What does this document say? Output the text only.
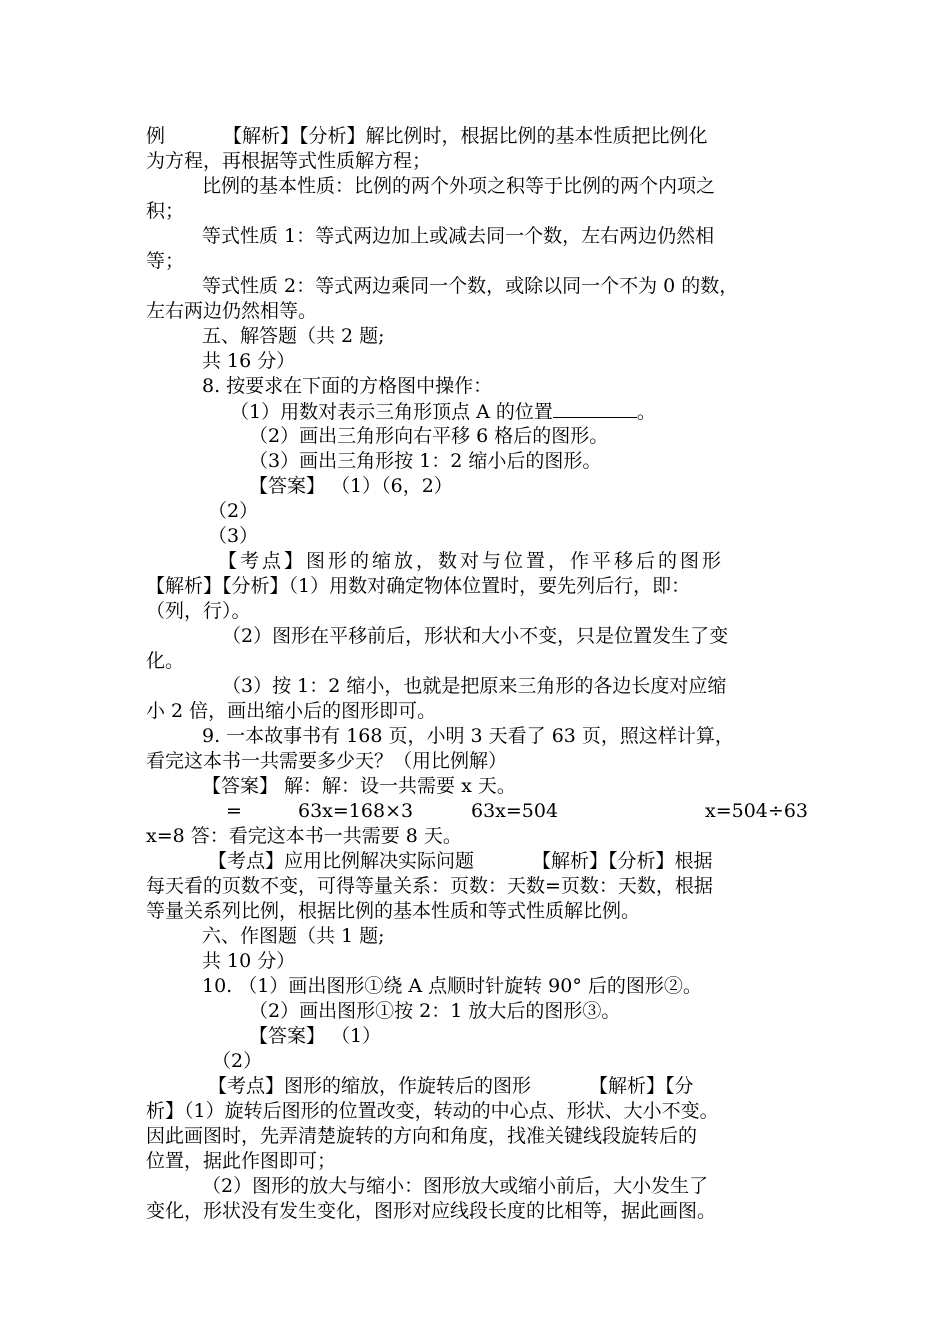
例	【解析】【分析】解比例时，根据比例的基本性质把比例化
为方程，再根据等式性质解方程；
比例的基本性质：比例的两个外项之积等于比例的两个内项之
积；
等式性质 1：等式两边加上或减去同一个数，左右两边仍然相
等；
等式性质 2：等式两边乘同一个数，或除以同一个不为 0 的数，
左右两边仍然相等。
五、解答题（共 2 题;
共 16 分）
8. 按要求在下面的方格图中操作：
（1）用数对表示三角形顶点 A 的位置	。
（2）画出三角形向右平移 6 格后的图形。
（3）画出三角形按 1：2 缩小后的图形。
【答案】 （1）（6，2）
（2）
（3）
【考点】图形的缩放，数对与位置，作平移后的图形
【解析】【分析】（1）用数对确定物体位置时，要先列后行，即：
（列，行）。
（2）图形在平移前后，形状和大小不变，只是位置发生了变
化。
（3）按 1：2 缩小，也就是把原来三角形的各边长度对应缩
小 2 倍，画出缩小后的图形即可。
9. 一本故事书有 168 页，小明 3 天看了 63 页，照这样计算，
看完这本书一共需要多少天？（用比例解）
【答案】 解：解：设一共需要 x 天。
=	63x=168×3	63x=504	x=504÷63
x=8 答：看完这本书一共需要 8 天。
【考点】应用比例解决实际问题	【解析】【分析】根据
每天看的页数不变，可得等量关系：页数：天数=页数：天数，根据
等量关系列比例，根据比例的基本性质和等式性质解比例。
六、作图题（共 1 题;
共 10 分）
10. （1）画出图形①绕 A 点顺时针旋转 90° 后的图形②。
（2）画出图形①按 2：1 放大后的图形③。
【答案】 （1）
（2）
【考点】图形的缩放，作旋转后的图形	【解析】【分
析】（1）旋转后图形的位置改变，转动的中心点、形状、大小不变。
因此画图时，先弄清楚旋转的方向和角度，找准关键线段旋转后的
位置，据此作图即可；
（2）图形的放大与缩小：图形放大或缩小前后，大小发生了
变化，形状没有发生变化，图形对应线段长度的比相等，据此画图。
